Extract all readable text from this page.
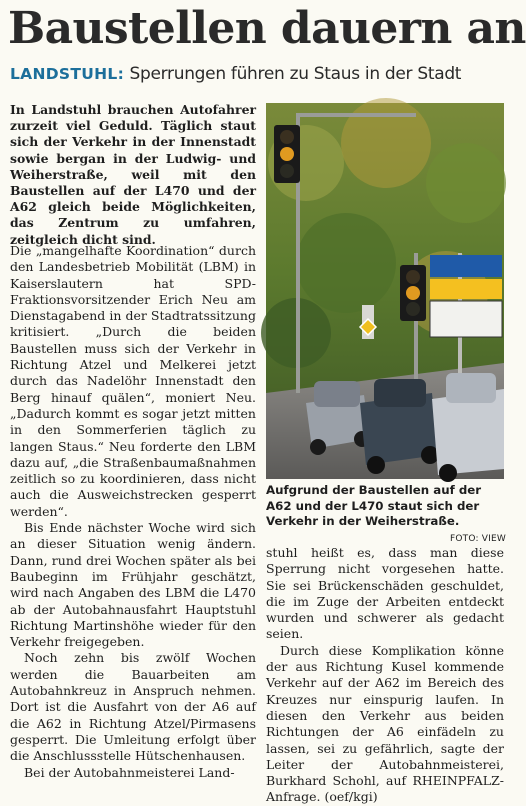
Baustellen dauern an
LANDSTUHL: Sperrungen führen zu Staus in der Stadt
In Landstuhl brauchen Autofahrer zurzeit viel Geduld. Täglich staut sich der Verkehr in der Innenstadt sowie bergan in der Ludwig- und Weiherstraße, weil mit den Baustellen auf der L470 und der A62 gleich beide Möglichkeiten, das Zentrum zu umfahren, zeitgleich dicht sind.

Die „mangelhafte Koordination“ durch den Landesbetrieb Mobilität (LBM) in Kaiserslautern hat SPD-Fraktionsvorsitzender Erich Neu am Dienstagabend in der Stadtratssitzung kritisiert. „Durch die beiden Baustellen muss sich der Verkehr in Richtung Atzel und Melkerei jetzt durch das Nadelöhr Innenstadt den Berg hinauf quälen“, moniert Neu. „Dadurch kommt es sogar jetzt mitten in den Sommerferien täglich zu langen Staus.“ Neu forderte den LBM dazu auf, „die Straßenbaumaßnahmen zeitlich so zu koordinieren, dass nicht auch die Ausweichstrecken gesperrt werden“.

Bis Ende nächster Woche wird sich an dieser Situation wenig ändern. Dann, rund drei Wochen später als bei Baubeginn im Frühjahr geschätzt, wird nach Angaben des LBM die L470 ab der Autobahnausfahrt Hauptstuhl Richtung Martinshöhe wieder für den Verkehr freigegeben.

Noch zehn bis zwölf Wochen werden die Bauarbeiten am Autobahnkreuz in Anspruch nehmen. Dort ist die Ausfahrt von der A6 auf die A62 in Richtung Atzel/Pirmasens gesperrt. Die Umleitung erfolgt über die Anschlussstelle Hütschenhausen.

Bei der Autobahnmeisterei Land-

Aufgrund der Baustellen auf der A62 und der L470 staut sich der Verkehr in der Weiherstraße.
FOTO: VIEW

stuhl heißt es, dass man diese Sperrung nicht vorgesehen hatte. Sie sei Brückenschäden geschuldet, die im Zuge der Arbeiten entdeckt wurden und schwerer als gedacht seien.

Durch diese Komplikation könne der aus Richtung Kusel kommende Verkehr auf der A62 im Bereich des Kreuzes nur einspurig laufen. In diesen den Verkehr aus beiden Richtungen der A6 einfädeln zu lassen, sei zu gefährlich, sagte der Leiter der Autobahnmeisterei, Burkhard Schohl, auf RHEINPFALZ-Anfrage. (oef/kgi)
